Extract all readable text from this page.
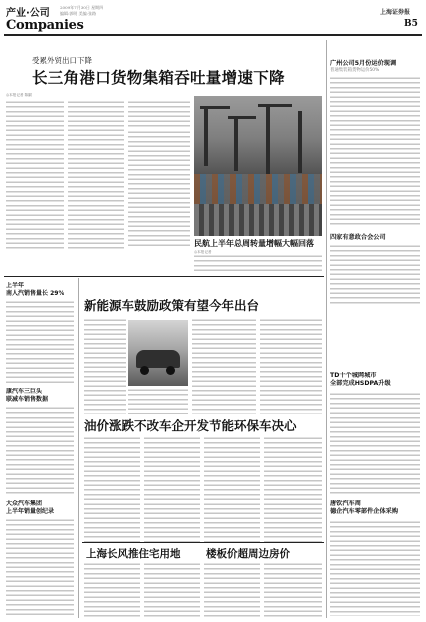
产业·公司
Companies
2009年7月30日 星期四
编辑:郭明 美编:张路	上海证券报
B5
受累外贸出口下降
长三角港口货物集箱吞吐量增速下降
◎本报记者 陈嗣
民航上半年总周转量增幅大幅回落
◎本报记者
广州公司5月份运价现调
普通集装箱货物运价50%
四家有意政合会公司
TD十个城网城市
全部完成HSDPA升级
唐钦汽车周
德企汽车零部件企体采购
上半年
南人汽销售量长 29%
康汽车三巨头
联减车销售数据
大众汽车集团
上半年销量创纪录
新能源车鼓励政策有望今年出台
油价涨跌不改车企开发节能环保车决心
上海长风推住宅用地 楼板价超周边房价
